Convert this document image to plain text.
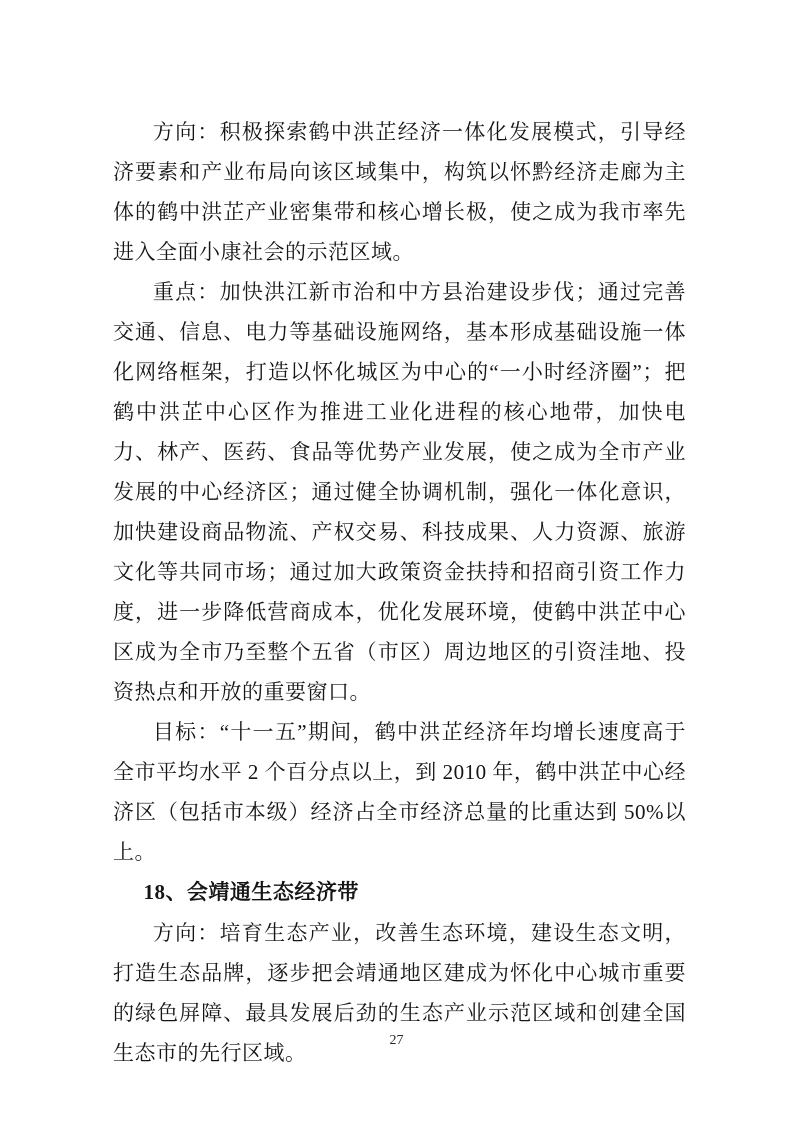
方向：积极探索鹤中洪芷经济一体化发展模式，引导经济要素和产业布局向该区域集中，构筑以怀黔经济走廊为主体的鹤中洪芷产业密集带和核心增长极，使之成为我市率先进入全面小康社会的示范区域。

重点：加快洪江新市治和中方县治建设步伐；通过完善交通、信息、电力等基础设施网络，基本形成基础设施一体化网络框架，打造以怀化城区为中心的“一小时经济圈”；把鹤中洪芷中心区作为推进工业化进程的核心地带，加快电力、林产、医药、食品等优势产业发展，使之成为全市产业发展的中心经济区；通过健全协调机制，强化一体化意识，加快建设商品物流、产权交易、科技成果、人力资源、旅游文化等共同市场；通过加大政策资金扶持和招商引资工作力度，进一步降低营商成本，优化发展环境，使鹤中洪芷中心区成为全市乃至整个五省（市区）周边地区的引资洼地、投资热点和开放的重要窗口。

目标：“十一五”期间，鹤中洪芷经济年均增长速度高于全市平均水平 2 个百分点以上，到 2010 年，鹤中洪芷中心经济区（包括市本级）经济占全市经济总量的比重达到 50%以上。

18、会靖通生态经济带

方向：培育生态产业，改善生态环境，建设生态文明，打造生态品牌，逐步把会靖通地区建成为怀化中心城市重要的绿色屏障、最具发展后劲的生态产业示范区域和创建全国生态市的先行区域。

27
